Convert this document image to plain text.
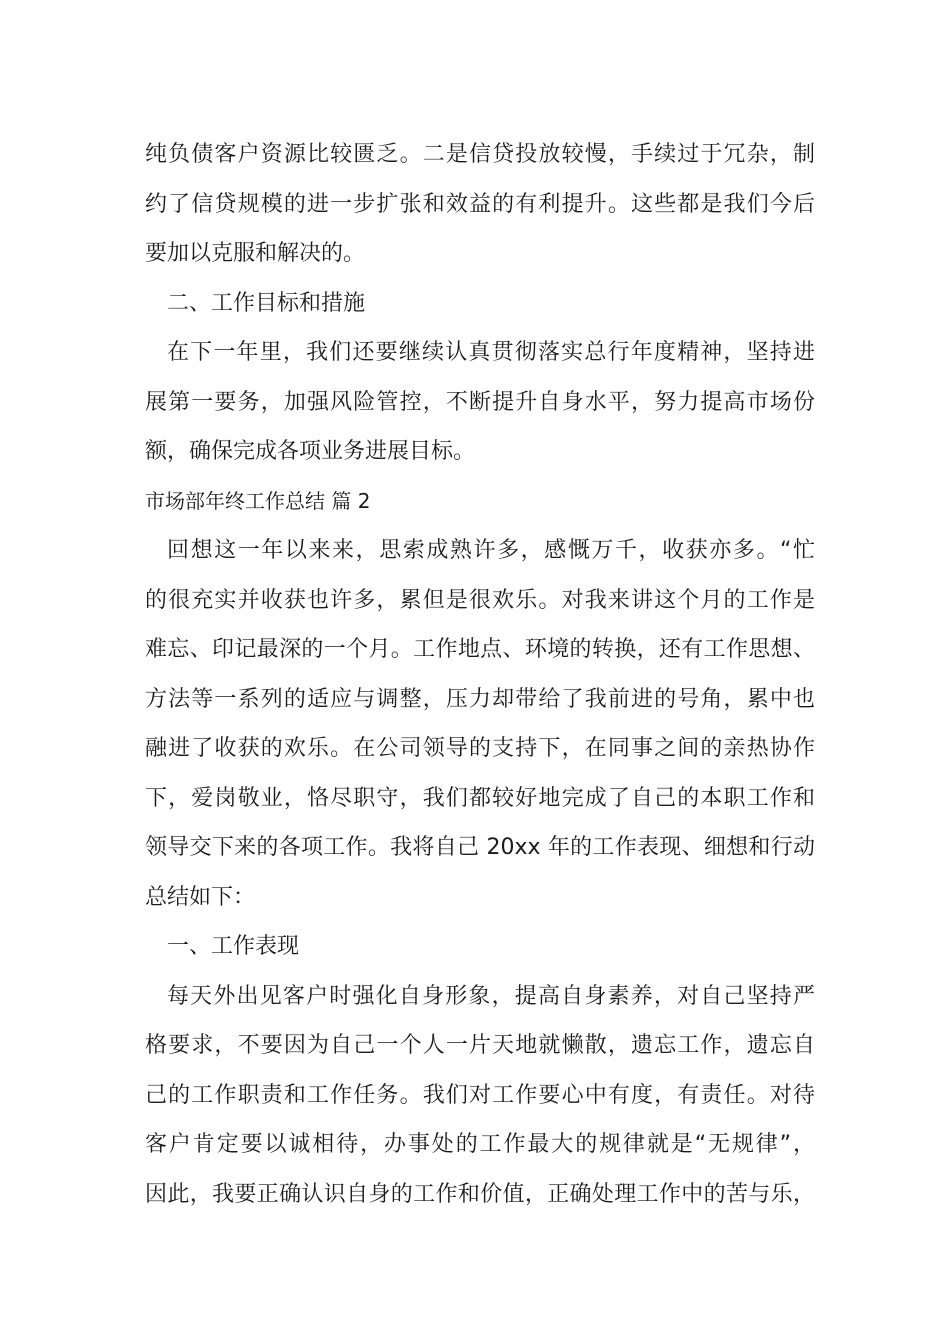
纯负债客户资源比较匮乏。二是信贷投放较慢，手续过于冗杂，制
约了信贷规模的进一步扩张和效益的有利提升。这些都是我们今后
要加以克服和解决的。
二、工作目标和措施
在下一年里，我们还要继续认真贯彻落实总行年度精神，坚持进
展第一要务，加强风险管控，不断提升自身水平，努力提高市场份
额，确保完成各项业务进展目标。
市场部年终工作总结 篇 2
回想这一年以来来，思索成熟许多，感慨万千，收获亦多。“忙
的很充实并收获也许多，累但是很欢乐。对我来讲这个月的工作是
难忘、印记最深的一个月。工作地点、环境的转换，还有工作思想、
方法等一系列的适应与调整，压力却带给了我前进的号角，累中也
融进了收获的欢乐。在公司领导的支持下，在同事之间的亲热协作
下，爱岗敬业，恪尽职守，我们都较好地完成了自己的本职工作和
领导交下来的各项工作。我将自己 20xx 年的工作表现、细想和行动
总结如下：
一、工作表现
每天外出见客户时强化自身形象，提高自身素养，对自己坚持严
格要求，不要因为自己一个人一片天地就懒散，遗忘工作，遗忘自
己的工作职责和工作任务。我们对工作要心中有度，有责任。对待
客户肯定要以诚相待，办事处的工作最大的规律就是“无规律”，
因此，我要正确认识自身的工作和价值，正确处理工作中的苦与乐，
